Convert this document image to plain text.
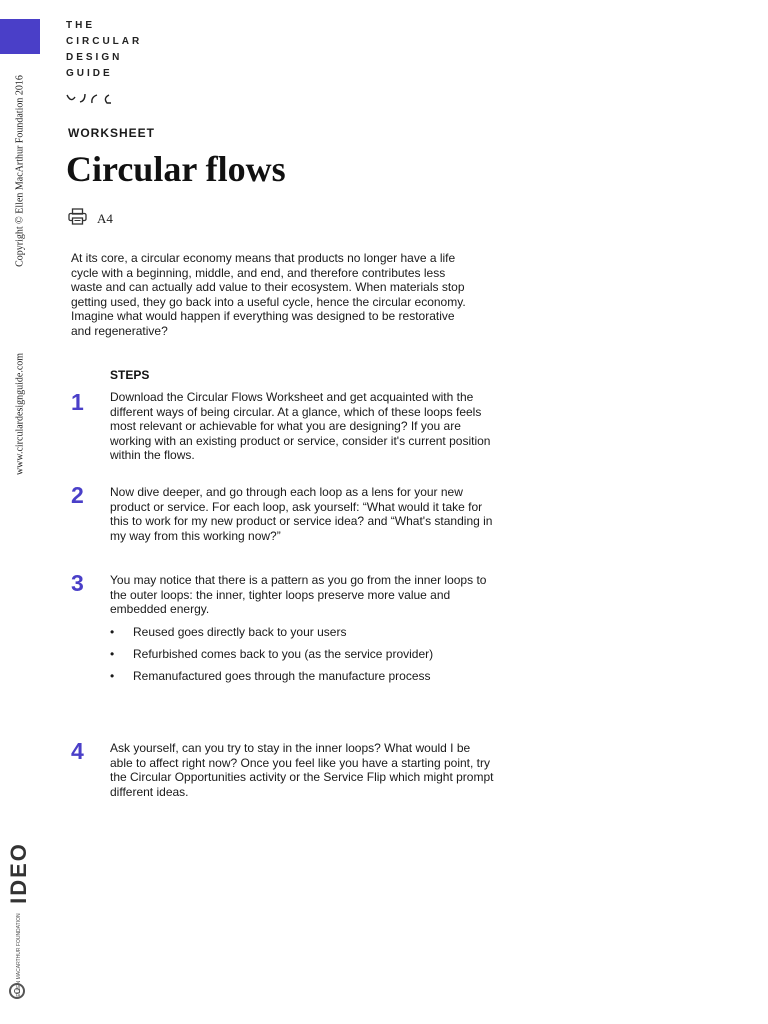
Copyright © Ellen MacArthur Foundation 2016
www.circulardesignguide.com
IDEO
ELLEN MACARTHUR FOUNDATION
THE
CIRCULAR
DESIGN
GUIDE
WORKSHEET
Circular flows
A4

At its core, a circular economy means that products no longer have a life cycle with a beginning, middle, and end, and therefore contributes less waste and can actually add value to their ecosystem. When materials stop getting used, they go back into a useful cycle, hence the circular economy. Imagine what would happen if everything was designed to be restorative and regenerative?

STEPS
1 Download the Circular Flows Worksheet and get acquainted with the different ways of being circular. At a glance, which of these loops feels most relevant or achievable for what you are designing? If you are working with an existing product or service, consider it's current position within the flows.

2 Now dive deeper, and go through each loop as a lens for your new product or service. For each loop, ask yourself: “What would it take for this to work for my new product or service idea? and “What's standing in my way from this working now?”

3 You may notice that there is a pattern as you go from the inner loops to the outer loops: the inner, tighter loops preserve more value and embedded energy.

•	Reused goes directly back to your users
•	Refurbished comes back to you (as the service provider)
•	Remanufactured goes through the manufacture process
4 Ask yourself, can you try to stay in the inner loops? What would I be able to affect right now? Once you feel like you have a starting point, try the Circular Opportunities activity or the Service Flip which might prompt different ideas.
